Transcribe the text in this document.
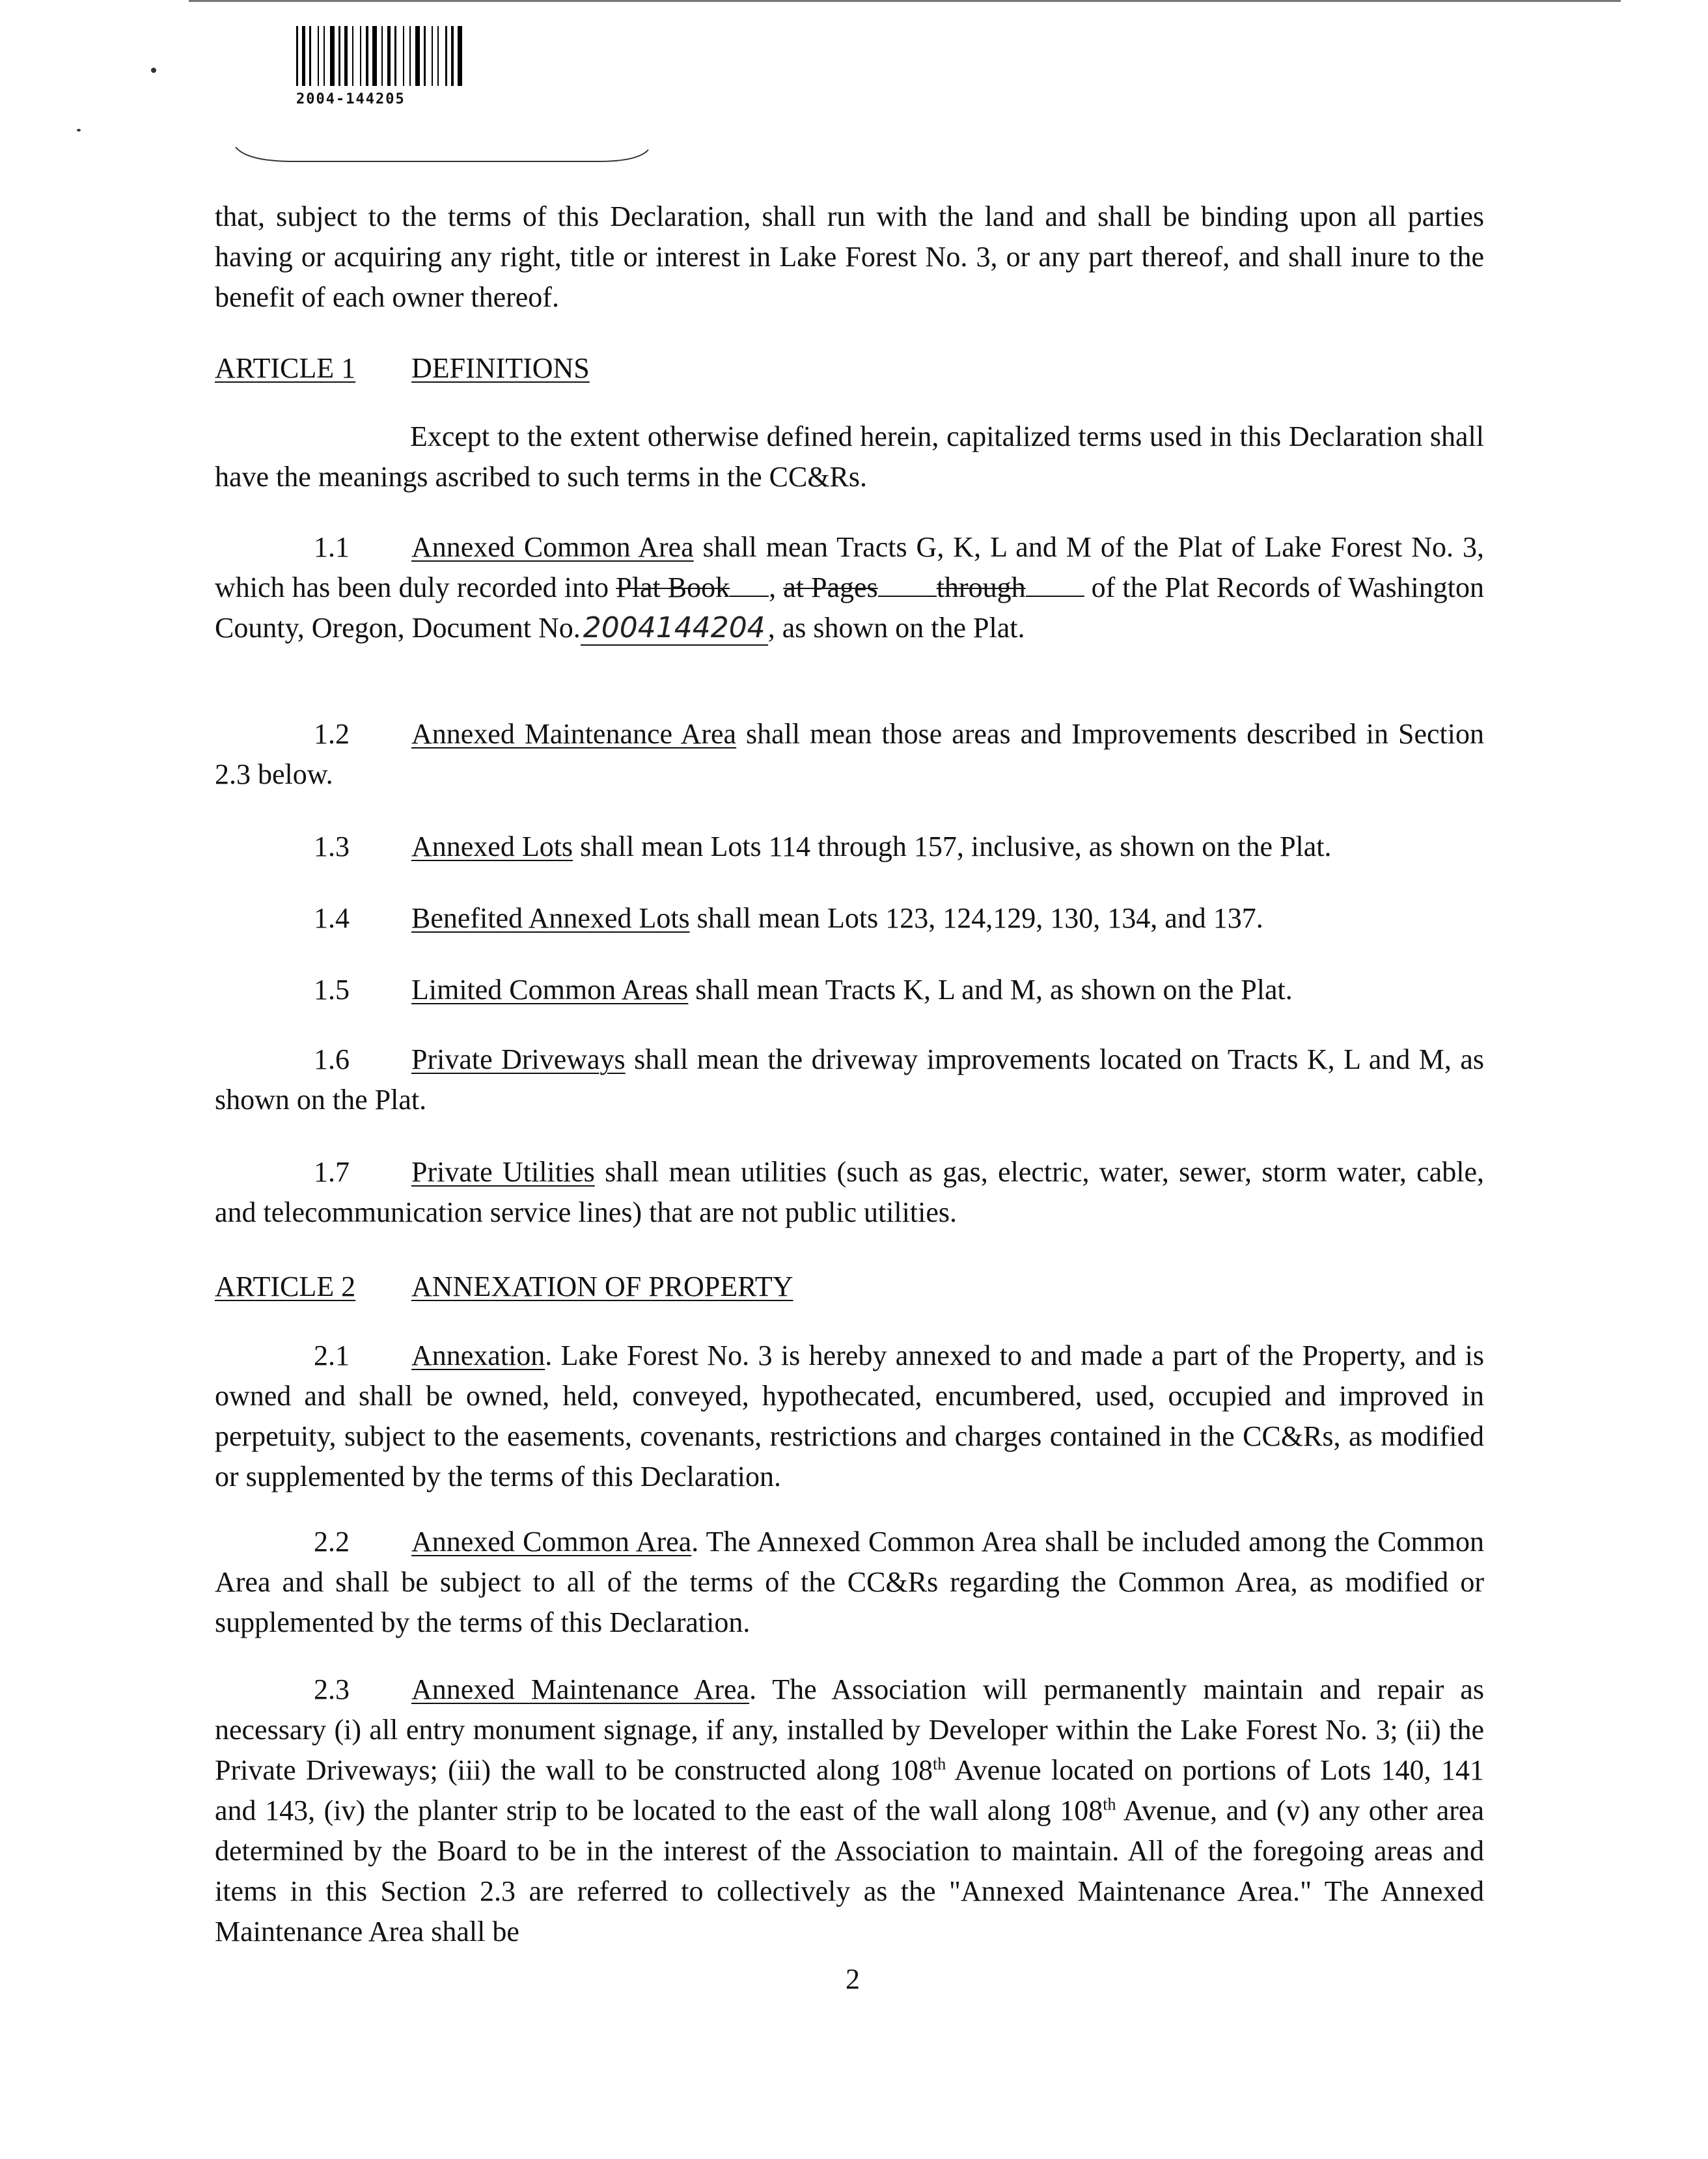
2004-144205

that, subject to the terms of this Declaration, shall run with the land and shall be binding upon all parties having or acquiring any right, title or interest in Lake Forest No. 3, or any part thereof, and shall inure to the benefit of each owner thereof.

ARTICLE 1 DEFINITIONS

Except to the extent otherwise defined herein, capitalized terms used in this Declaration shall have the meanings ascribed to such terms in the CC&Rs.

1.1 Annexed Common Area shall mean Tracts G, K, L and M of the Plat of Lake Forest No. 3, which has been duly recorded into Plat Book , at Pages through of the Plat Records of Washington County, Oregon, Document No.2004144204, as shown on the Plat.

1.2 Annexed Maintenance Area shall mean those areas and Improvements described in Section 2.3 below.

1.3 Annexed Lots shall mean Lots 114 through 157, inclusive, as shown on the Plat.
1.4 Benefited Annexed Lots shall mean Lots 123, 124,129, 130, 134, and 137.
1.5 Limited Common Areas shall mean Tracts K, L and M, as shown on the Plat.

1.6 Private Driveways shall mean the driveway improvements located on Tracts K, L and M, as shown on the Plat.

1.7 Private Utilities shall mean utilities (such as gas, electric, water, sewer, storm water, cable, and telecommunication service lines) that are not public utilities.

ARTICLE 2 ANNEXATION OF PROPERTY

2.1 Annexation. Lake Forest No. 3 is hereby annexed to and made a part of the Property, and is owned and shall be owned, held, conveyed, hypothecated, encumbered, used, occupied and improved in perpetuity, subject to the easements, covenants, restrictions and charges contained in the CC&Rs, as modified or supplemented by the terms of this Declaration.

2.2 Annexed Common Area. The Annexed Common Area shall be included among the Common Area and shall be subject to all of the terms of the CC&Rs regarding the Common Area, as modified or supplemented by the terms of this Declaration.

2.3 Annexed Maintenance Area. The Association will permanently maintain and repair as necessary (i) all entry monument signage, if any, installed by Developer within the Lake Forest No. 3; (ii) the Private Driveways; (iii) the wall to be constructed along 108th Avenue located on portions of Lots 140, 141 and 143, (iv) the planter strip to be located to the east of the wall along 108th Avenue, and (v) any other area determined by the Board to be in the interest of the Association to maintain. All of the foregoing areas and items in this Section 2.3 are referred to collectively as the "Annexed Maintenance Area." The Annexed Maintenance Area shall be

2
